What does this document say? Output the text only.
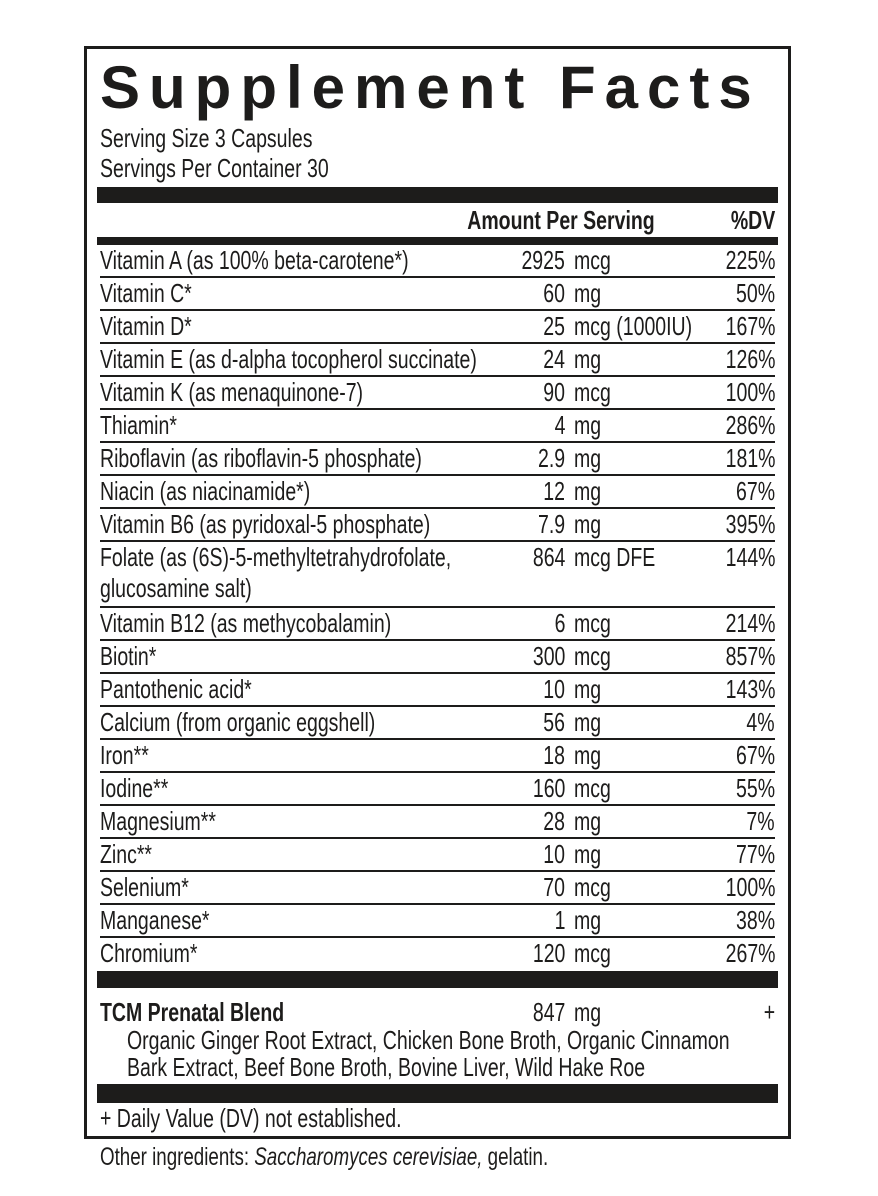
Supplement Facts
Serving Size 3 Capsules
Servings Per Container 30
Amount Per Serving	%DV
Vitamin A (as 100% beta-carotene*)	2925 mcg	225%
Vitamin C*	60 mg	50%
Vitamin D*	25 mcg (1000IU)	167%
Vitamin E (as d-alpha tocopherol succinate)	24 mg	126%
Vitamin K (as menaquinone-7)	90 mcg	100%
Thiamin*	4 mg	286%
Riboflavin (as riboflavin-5 phosphate)	2.9 mg	181%
Niacin (as niacinamide*)	12 mg	67%
Vitamin B6 (as pyridoxal-5 phosphate)	7.9 mg	395%
Folate (as (6S)-5-methyltetrahydrofolate,
glucosamine salt)
864 mcg DFE	144%
Vitamin B12 (as methycobalamin)	6 mcg	214%
Biotin*	300 mcg	857%
Pantothenic acid*	10 mg	143%
Calcium (from organic eggshell)	56 mg	4%
Iron**	18 mg	67%
Iodine**	160 mcg	55%
Magnesium**	28 mg	7%
Zinc**	10 mg	77%
Selenium*	70 mcg	100%
Manganese*	1 mg	38%
Chromium*	120 mcg	267%
TCM Prenatal Blend	847 mg	+
Organic Ginger Root Extract, Chicken Bone Broth, Organic Cinnamon
Bark Extract, Beef Bone Broth, Bovine Liver, Wild Hake Roe
+ Daily Value (DV) not established.
Other ingredients: Saccharomyces cerevisiae, gelatin.
